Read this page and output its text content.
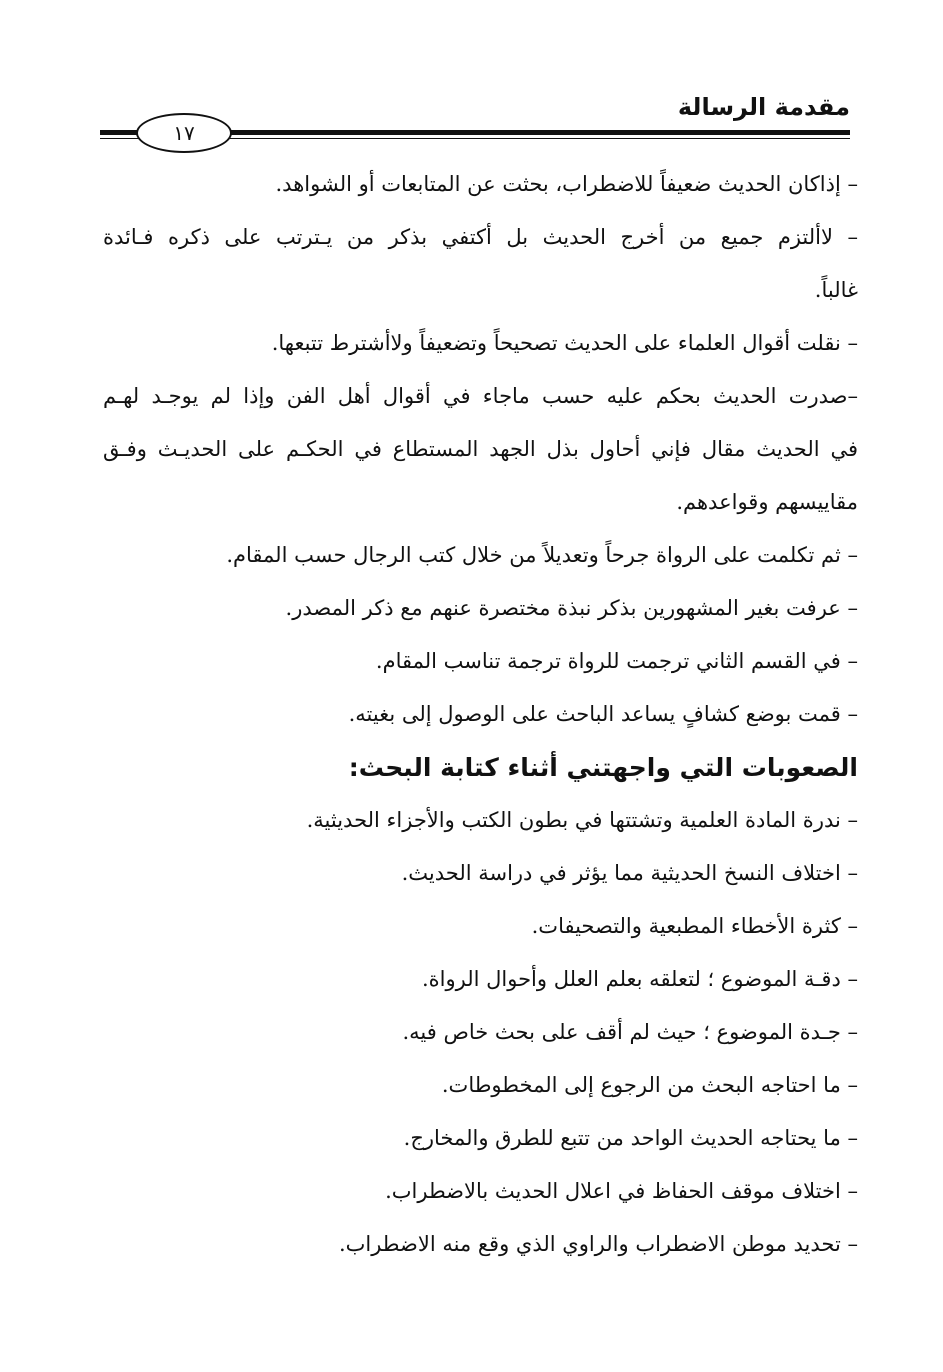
مقدمة الرسالة
١٧
– إذاكان الحديث ضعيفاً للاضطراب، بحثت عن المتابعات أو الشواهد.
– لاألتزم جميع من أخرج الحديث بل أكتفي بذكر من يـترتب على ذكره فـائدة
غالباً.
– نقلت أقوال العلماء على الحديث تصحيحاً وتضعيفاً ولاأشترط تتبعها.
–صدرت الحديث بحكم عليه حسب ماجاء في أقوال أهل الفن وإذا لم يوجـد لهـم
في الحديث مقال فإني أحاول بذل الجهد المستطاع في الحكـم على الحديـث وفـق
مقاييسهم وقواعدهم.
– ثم تكلمت على الرواة جرحاً وتعديلاً من خلال كتب الرجال حسب المقام.
– عرفت بغير المشهورين بذكر نبذة مختصرة عنهم مع ذكر المصدر.
– في القسم الثاني ترجمت للرواة ترجمة تناسب المقام.
– قمت بوضع كشافٍ يساعد الباحث على الوصول إلى بغيته.
الصعوبات التي واجهتني أثناء كتابة البحث:
– ندرة المادة العلمية وتشتتها في بطون الكتب والأجزاء الحديثية.
– اختلاف النسخ الحديثية مما يؤثر في دراسة الحديث.
– كثرة الأخطاء المطبعية والتصحيفات.
– دقـة الموضوع ؛ لتعلقه بعلم العلل وأحوال الرواة.
– جـدة الموضوع ؛ حيث لم أقف على بحث خاص فيه.
– ما احتاجه البحث من الرجوع إلى المخطوطات.
– ما يحتاجه الحديث الواحد من تتبع للطرق والمخارج.
– اختلاف موقف الحفاظ في اعلال الحديث بالاضطراب.
– تحديد موطن الاضطراب والراوي الذي وقع منه الاضطراب.
